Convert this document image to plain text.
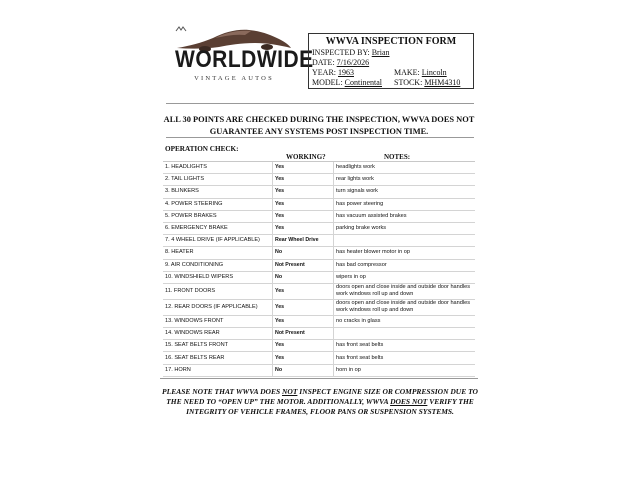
WORLDWIDE
VINTAGE AUTOS
WWVA INSPECTION FORM
INSPECTED BY: Brian
DATE: 7/16/2026
YEAR: 1963	MAKE: Lincoln
MODEL: Continental STOCK: MHM4310
ALL 30 POINTS ARE CHECKED DURING THE INSPECTION, WWVA DOES NOT
GUARANTEE ANY SYSTEMS POST INSPECTION TIME.
OPERATION CHECK:
WORKING?	NOTES:
1. HEADLIGHTS	Yes	headlights work
2. TAIL LIGHTS	Yes	rear lights work
3. BLINKERS	Yes	turn signals work
4. POWER STEERING	Yes	has power steering
5. POWER BRAKES	Yes	has vacuum assisted brakes
6. EMERGENCY BRAKE	Yes	parking brake works
7. 4 WHEEL DRIVE (IF APPLICABLE)	Rear Wheel Drive
8. HEATER	No	has heater blower motor in op
9. AIR CONDITIONING	Not Present	has bad compressor
10. WINDSHIELD WIPERS	No	wipers in op
11. FRONT DOORS	Yes
doors open and close inside and outside door handles work windows roll up and down
12. REAR DOORS (IF APPLICABLE)	Yes
doors open and close inside and outside door handles work windows roll up and down
13. WINDOWS FRONT	Yes	no cracks in glass
14. WINDOWS REAR	Not Present
15. SEAT BELTS FRONT	Yes	has front seat belts
16. SEAT BELTS REAR	Yes	has front seat belts
17. HORN	No	horn in op
PLEASE NOTE THAT WWVA DOES NOT INSPECT ENGINE SIZE OR COMPRESSION DUE TO
THE NEED TO “OPEN UP” THE MOTOR. ADDITIONALLY, WWVA DOES NOT VERIFY THE
INTEGRITY OF VEHICLE FRAMES, FLOOR PANS OR SUSPENSION SYSTEMS.
